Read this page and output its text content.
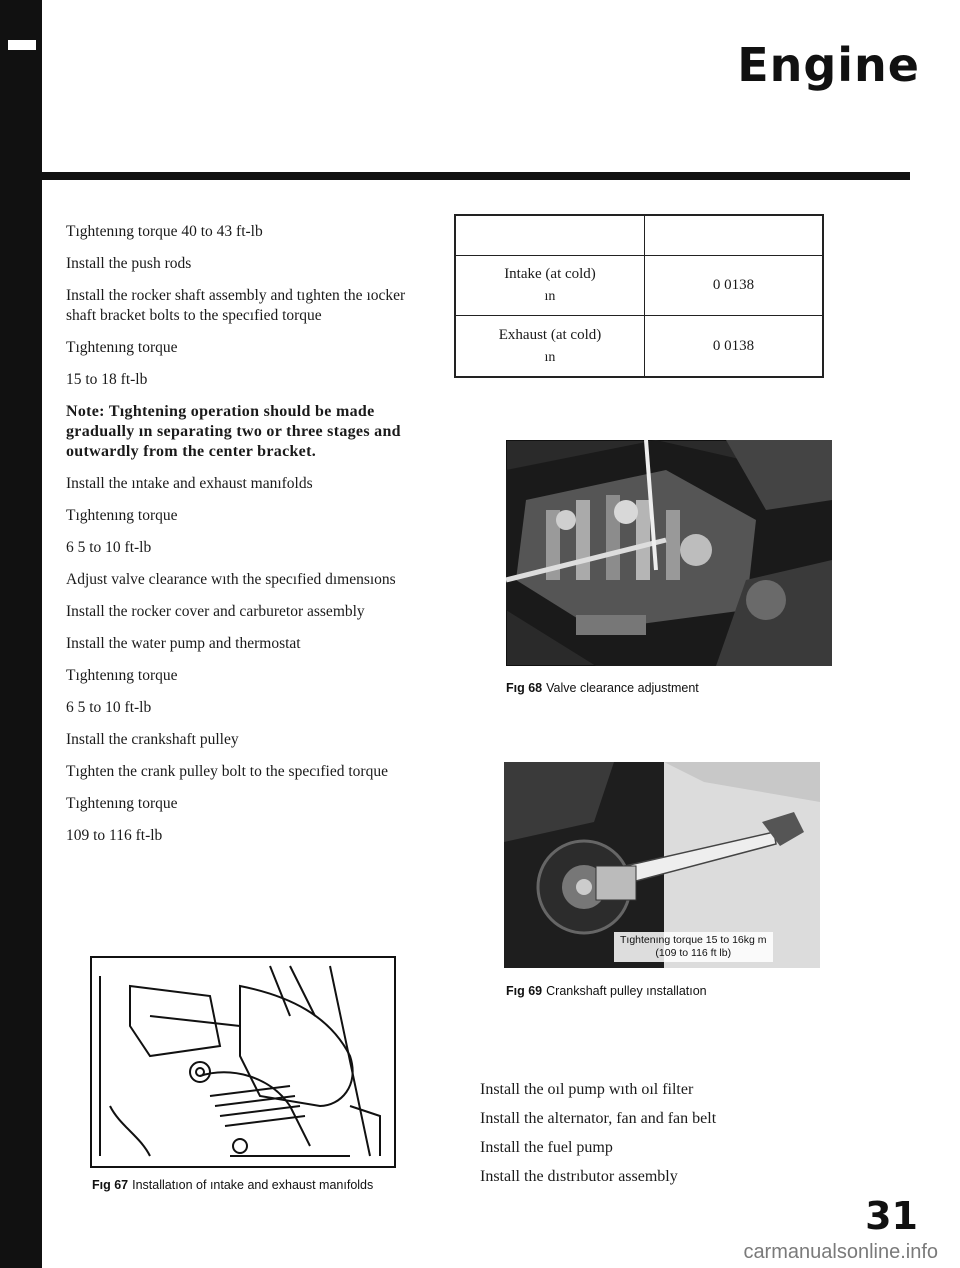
Engine

Tıghtenıng torque 40 to 43 ft-lb

Install the push rods

Install the rocker shaft assembly and tıghten the ıocker shaft bracket bolts to the specıfied torque

Tıghtenıng torque

15 to 18 ft-lb

Note: Tıghtening operation should be made gradually ın separating two or three stages and outwardly from the center bracket.

Install the ıntake and exhaust manıfolds

Tıghtenıng torque

6 5 to 10 ft-lb

Adjust valve clearance wıth the specıfied dımensıons

Install the rocker cover and carburetor assembly

Install the water pump and thermostat

Tıghtenıng torque

6 5 to 10 ft-lb

Install the crankshaft pulley

Tıghten the crank pulley bolt to the specıfied torque

Tıghtenıng torque

109 to 116 ft-lb

Intake (at cold)
ın	0 0138
Exhaust (at cold)
ın	0 0138
Fıg 68 Valve clearance adjustment
Tıghtenıng torque 15 to 16kg m
(109 to 116 ft lb)
Fıg 69 Crankshaft pulley ınstallatıon
Fıg 67 Installatıon of ıntake and exhaust manıfolds

Install the oıl pump wıth oıl filter

Install the alternator, fan and fan belt

Install the fuel pump

Install the dıstrıbutor assembly

31
carmanualsonline.info
